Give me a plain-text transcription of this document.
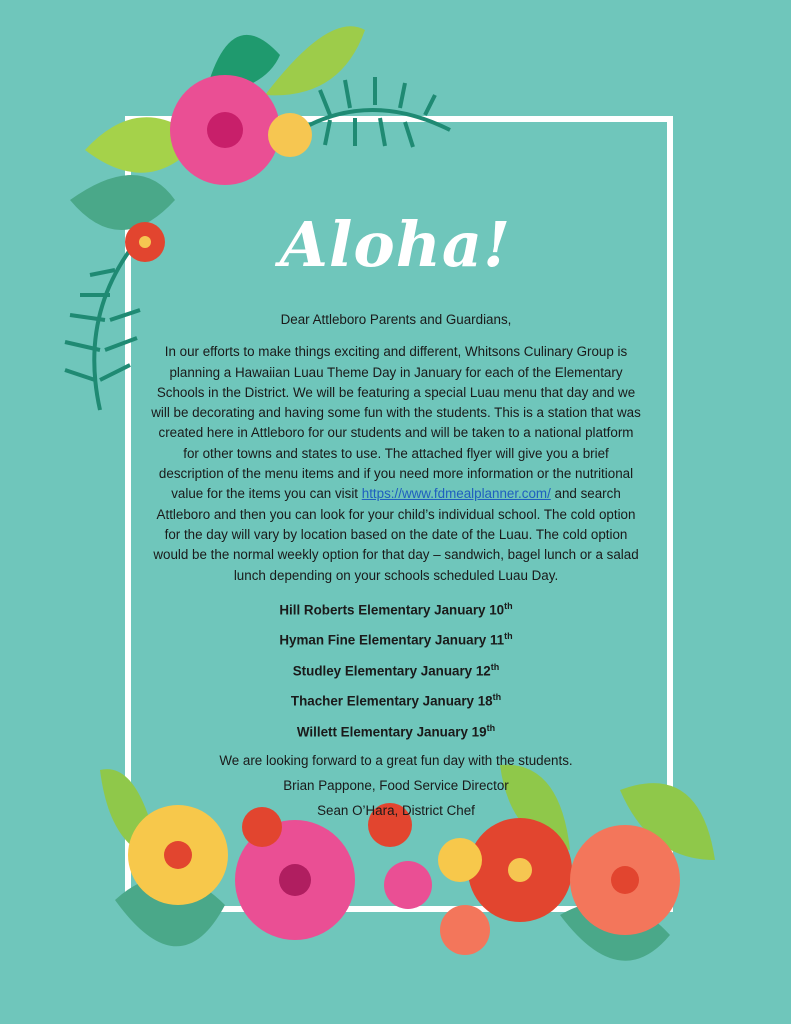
Aloha!

Dear Attleboro Parents and Guardians,

In our efforts to make things exciting and different, Whitsons Culinary Group is planning a Hawaiian Luau Theme Day in January for each of the Elementary Schools in the District. We will be featuring a special Luau menu that day and we will be decorating and having some fun with the students. This is a station that was created here in Attleboro for our students and will be taken to a national platform for other towns and states to use. The attached flyer will give you a brief description of the menu items and if you need more information or the nutritional value for the items you can visit https://www.fdmealplanner.com/ and search Attleboro and then you can look for your child’s individual school. The cold option for the day will vary by location based on the date of the Luau. The cold option would be the normal weekly option for that day – sandwich, bagel lunch or a salad lunch depending on your schools scheduled Luau Day.

Hill Roberts Elementary January 10th
Hyman Fine Elementary January 11th
Studley Elementary January 12th
Thacher Elementary January 18th
Willett Elementary January 19th

We are looking forward to a great fun day with the students.

Brian Pappone, Food Service Director

Sean O’Hara, District Chef
